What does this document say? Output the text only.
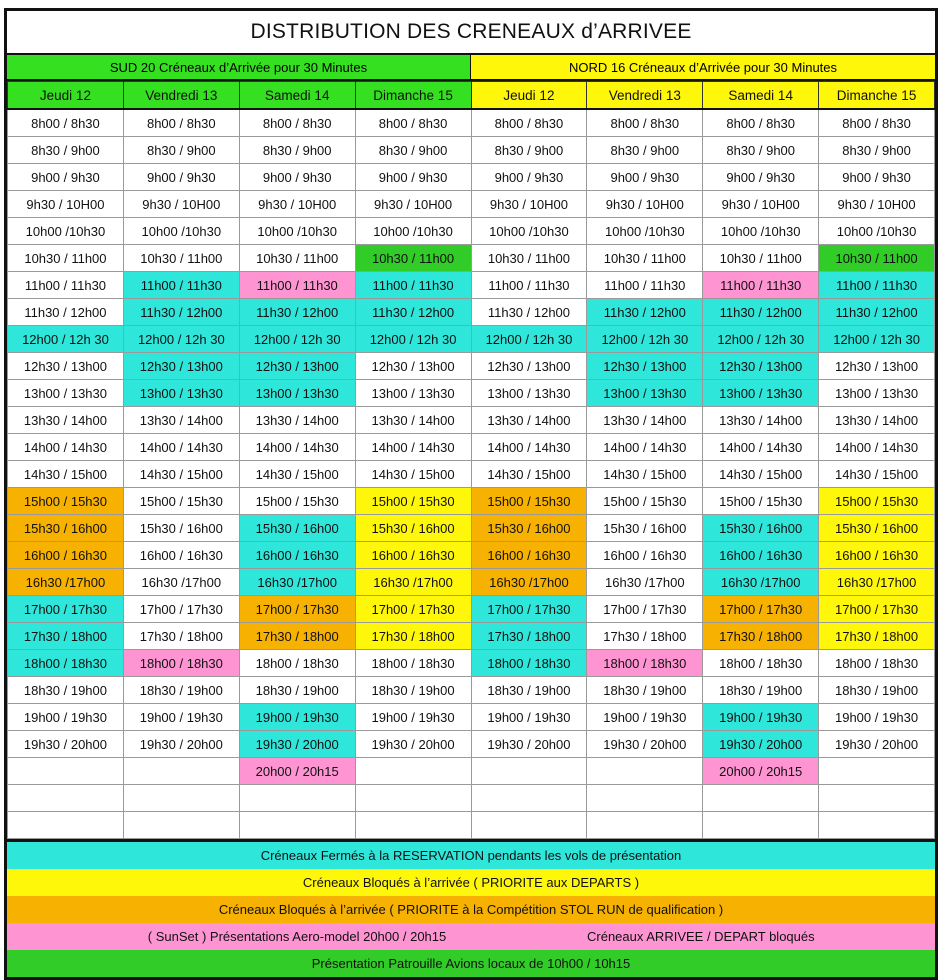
DISTRIBUTION DES CRENEAUX d’ARRIVEE
SUD 20 Créneaux d’Arrivée pour 30 Minutes	NORD 16 Créneaux d’Arrivée pour 30 Minutes
Jeudi 12	Vendredi 13	Samedi 14	Dimanche 15	Jeudi 12	Vendredi 13	Samedi 14	Dimanche 15
8h00 / 8h30	8h00 / 8h30	8h00 / 8h30	8h00 / 8h30	8h00 / 8h30	8h00 / 8h30	8h00 / 8h30	8h00 / 8h30
8h30 / 9h00	8h30 / 9h00	8h30 / 9h00	8h30 / 9h00	8h30 / 9h00	8h30 / 9h00	8h30 / 9h00	8h30 / 9h00
9h00 / 9h30	9h00 / 9h30	9h00 / 9h30	9h00 / 9h30	9h00 / 9h30	9h00 / 9h30	9h00 / 9h30	9h00 / 9h30
9h30 / 10H00	9h30 / 10H00	9h30 / 10H00	9h30 / 10H00	9h30 / 10H00	9h30 / 10H00	9h30 / 10H00	9h30 / 10H00
10h00 /10h30	10h00 /10h30	10h00 /10h30	10h00 /10h30	10h00 /10h30	10h00 /10h30	10h00 /10h30	10h00 /10h30
10h30 / 11h00	10h30 / 11h00	10h30 / 11h00	10h30 / 11h00	10h30 / 11h00	10h30 / 11h00	10h30 / 11h00	10h30 / 11h00
11h00 / 11h30	11h00 / 11h30	11h00 / 11h30	11h00 / 11h30	11h00 / 11h30	11h00 / 11h30	11h00 / 11h30	11h00 / 11h30
11h30 / 12h00	11h30 / 12h00	11h30 / 12h00	11h30 / 12h00	11h30 / 12h00	11h30 / 12h00	11h30 / 12h00	11h30 / 12h00
12h00 / 12h 30	12h00 / 12h 30	12h00 / 12h 30	12h00 / 12h 30	12h00 / 12h 30	12h00 / 12h 30	12h00 / 12h 30	12h00 / 12h 30
12h30 / 13h00	12h30 / 13h00	12h30 / 13h00	12h30 / 13h00	12h30 / 13h00	12h30 / 13h00	12h30 / 13h00	12h30 / 13h00
13h00 / 13h30	13h00 / 13h30	13h00 / 13h30	13h00 / 13h30	13h00 / 13h30	13h00 / 13h30	13h00 / 13h30	13h00 / 13h30
13h30 / 14h00	13h30 / 14h00	13h30 / 14h00	13h30 / 14h00	13h30 / 14h00	13h30 / 14h00	13h30 / 14h00	13h30 / 14h00
14h00 / 14h30	14h00 / 14h30	14h00 / 14h30	14h00 / 14h30	14h00 / 14h30	14h00 / 14h30	14h00 / 14h30	14h00 / 14h30
14h30 / 15h00	14h30 / 15h00	14h30 / 15h00	14h30 / 15h00	14h30 / 15h00	14h30 / 15h00	14h30 / 15h00	14h30 / 15h00
15h00 / 15h30	15h00 / 15h30	15h00 / 15h30	15h00 / 15h30	15h00 / 15h30	15h00 / 15h30	15h00 / 15h30	15h00 / 15h30
15h30 / 16h00	15h30 / 16h00	15h30 / 16h00	15h30 / 16h00	15h30 / 16h00	15h30 / 16h00	15h30 / 16h00	15h30 / 16h00
16h00 / 16h30	16h00 / 16h30	16h00 / 16h30	16h00 / 16h30	16h00 / 16h30	16h00 / 16h30	16h00 / 16h30	16h00 / 16h30
16h30 /17h00	16h30 /17h00	16h30 /17h00	16h30 /17h00	16h30 /17h00	16h30 /17h00	16h30 /17h00	16h30 /17h00
17h00 / 17h30	17h00 / 17h30	17h00 / 17h30	17h00 / 17h30	17h00 / 17h30	17h00 / 17h30	17h00 / 17h30	17h00 / 17h30
17h30 / 18h00	17h30 / 18h00	17h30 / 18h00	17h30 / 18h00	17h30 / 18h00	17h30 / 18h00	17h30 / 18h00	17h30 / 18h00
18h00 / 18h30	18h00 / 18h30	18h00 / 18h30	18h00 / 18h30	18h00 / 18h30	18h00 / 18h30	18h00 / 18h30	18h00 / 18h30
18h30 / 19h00	18h30 / 19h00	18h30 / 19h00	18h30 / 19h00	18h30 / 19h00	18h30 / 19h00	18h30 / 19h00	18h30 / 19h00
19h00 / 19h30	19h00 / 19h30	19h00 / 19h30	19h00 / 19h30	19h00 / 19h30	19h00 / 19h30	19h00 / 19h30	19h00 / 19h30
19h30 / 20h00	19h30 / 20h00	19h30 / 20h00	19h30 / 20h00	19h30 / 20h00	19h30 / 20h00	19h30 / 20h00	19h30 / 20h00
		20h00 / 20h15				20h00 / 20h15	

Créneaux Fermés à la RESERVATION pendants les vols de présentation
Créneaux Bloqués à l’arrivée ( PRIORITE aux DEPARTS )
Créneaux Bloqués à l’arrivée ( PRIORITE à la Compétition STOL RUN de qualification )
( SunSet ) Présentations Aero-model 20h00 / 20h15	Créneaux ARRIVEE / DEPART bloqués
Présentation Patrouille Avions locaux de 10h00 / 10h15
